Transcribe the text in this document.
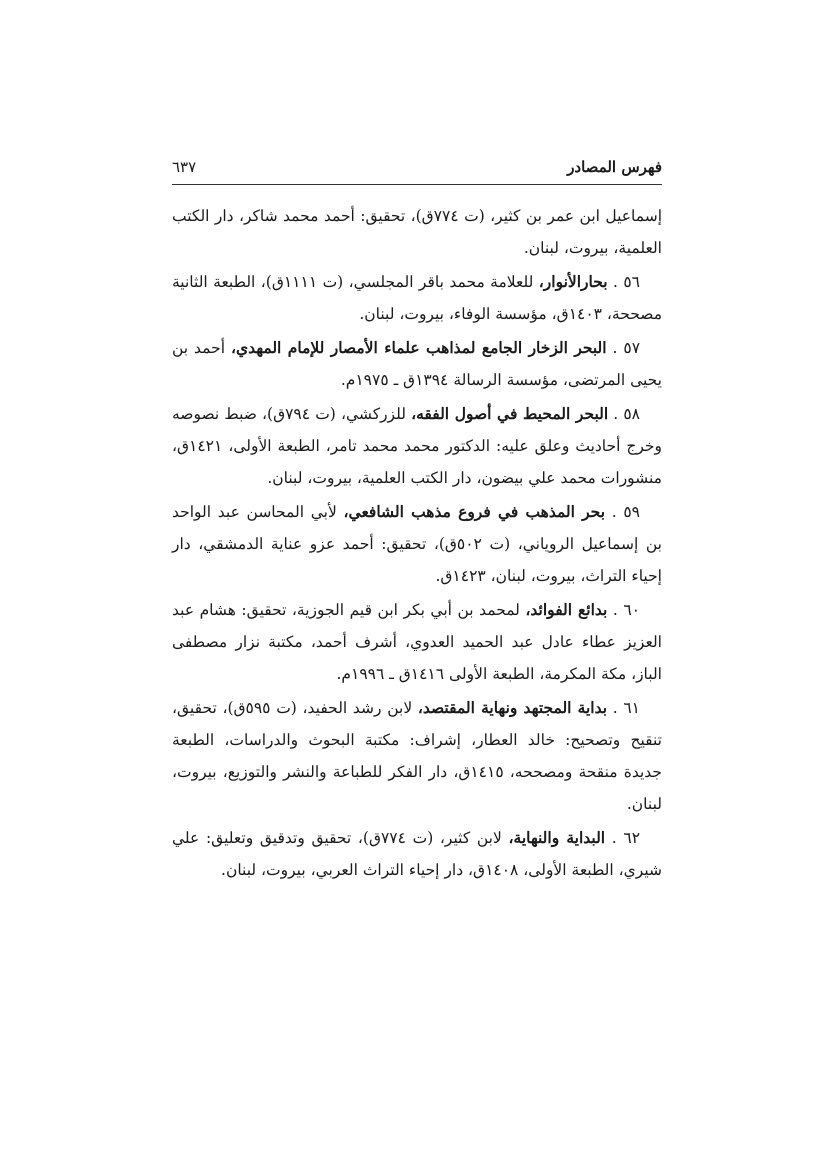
فهرس المصادر
٦٣٧

إسماعيل ابن عمر بن كثير، (ت ٧٧٤ق)، تحقيق: أحمد محمد شاكر، دار الكتب العلمية، بيروت، لبنان.

٥٦ . بحارالأنوار، للعلامة محمد باقر المجلسي، (ت ١١١١ق)، الطبعة الثانية مصححة، ١٤٠٣ق، مؤسسة الوفاء، بيروت، لبنان.

٥٧ . البحر الزخار الجامع لمذاهب علماء الأمصار للإمام المهدي، أحمد بن يحيى المرتضى، مؤسسة الرسالة ١٣٩٤ق ـ ١٩٧٥م.

٥٨ . البحر المحيط في أصول الفقه، للزركشي، (ت ٧٩٤ق)، ضبط نصوصه وخرج أحاديث وعلق عليه: الدكتور محمد محمد تامر، الطبعة الأولى، ١٤٢١ق، منشورات محمد علي بيضون، دار الكتب العلمية، بيروت، لبنان.

٥٩ . بحر المذهب في فروع مذهب الشافعي، لأبي المحاسن عبد الواحد بن إسماعيل الروياني، (ت ٥٠٢ق)، تحقيق: أحمد عزو عناية الدمشقي، دار إحياء التراث، بيروت، لبنان، ١٤٢٣ق.

٦٠ . بدائع الفوائد، لمحمد بن أبي بكر ابن قيم الجوزية، تحقيق: هشام عبد العزيز عطاء عادل عبد الحميد العدوي، أشرف أحمد، مكتبة نزار مصطفى الباز، مكة المكرمة، الطبعة الأولى ١٤١٦ق ـ ١٩٩٦م.

٦١ . بداية المجتهد ونهاية المقتصد، لابن رشد الحفيد، (ت ٥٩٥ق)، تحقيق، تنقيح وتصحيح: خالد العطار، إشراف: مكتبة البحوث والدراسات، الطبعة جديدة منقحة ومصححه، ١٤١٥ق، دار الفكر للطباعة والنشر والتوزيع، بيروت، لبنان.

٦٢ . البداية والنهاية، لابن كثير، (ت ٧٧٤ق)، تحقيق وتدقيق وتعليق: علي شيري، الطبعة الأولى، ١٤٠٨ق، دار إحياء التراث العربي، بيروت، لبنان.
